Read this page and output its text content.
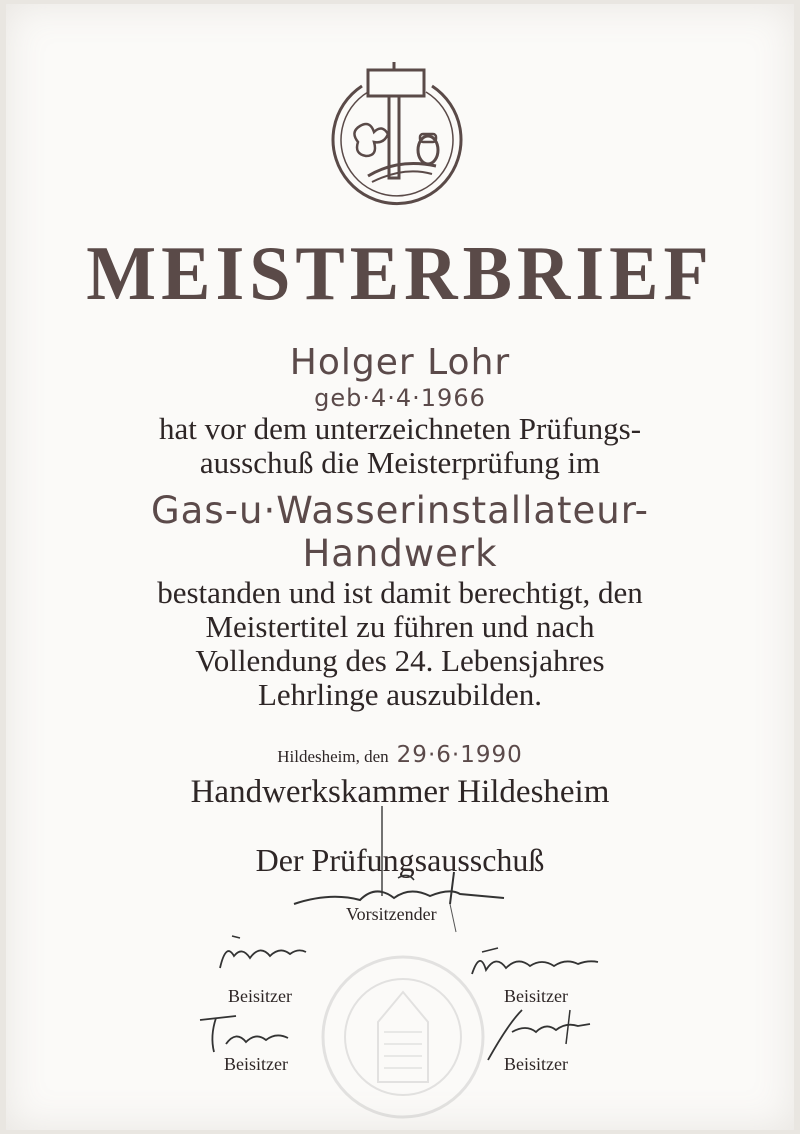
MEISTERBRIEF
Holger Lohr
geb·4·4·1966
hat vor dem unterzeichneten Prüfungs-
ausschuß die Meisterprüfung im
Gas-u·Wasserinstallateur-
Handwerk
bestanden und ist damit berechtigt, den
Meistertitel zu führen und nach
Vollendung des 24. Lebensjahres
Lehrlinge auszubilden.
Hildesheim, den 29·6·1990
Handwerkskammer Hildesheim
Der Prüfungsausschuß
Vorsitzender
Beisitzer	Beisitzer
Beisitzer	Beisitzer
